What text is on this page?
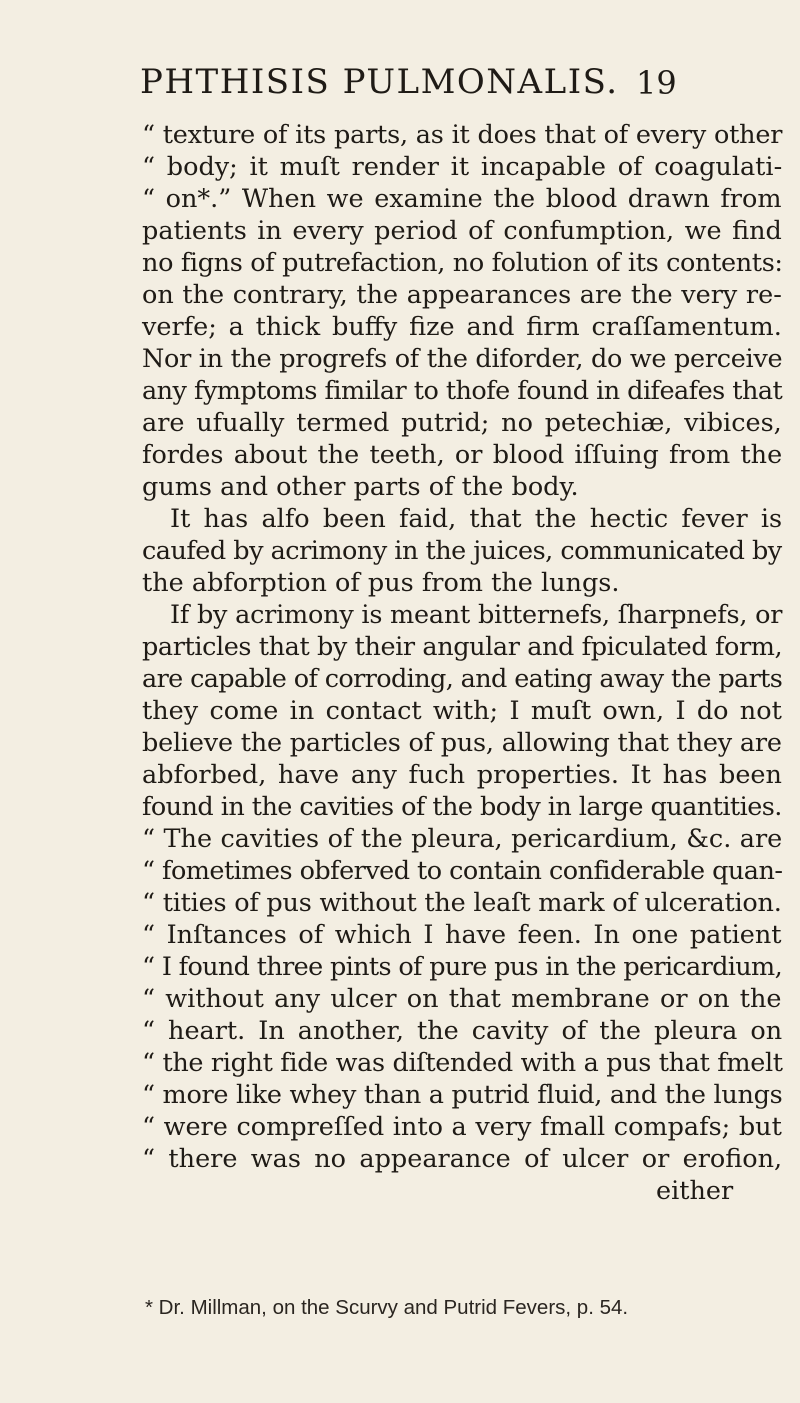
PHTHISIS PULMONALIS. 19
“ texture of its parts, as it does that of every other
“ body; it muſt render it incapable of coagulati-
“ on*.” When we examine the blood drawn from
patients in every period of confumption, we find
no figns of putrefaction, no folution of its contents:
on the contrary, the appearances are the very re-
verfe; a thick buffy fize and firm craſſamentum.
Nor in the progrefs of the diforder, do we perceive
any fymptoms fimilar to thofe found in difeafes that
are ufually termed putrid; no petechiæ, vibices,
fordes about the teeth, or blood iſſuing from the
gums and other parts of the body.
It has alfo been faid, that the hectic fever is
caufed by acrimony in the juices, communicated by
the abforption of pus from the lungs.
If by acrimony is meant bitternefs, ſharpnefs, or
particles that by their angular and fpiculated form,
are capable of corroding, and eating away the parts
they come in contact with; I muſt own, I do not
believe the particles of pus, allowing that they are
abforbed, have any fuch properties. It has been
found in the cavities of the body in large quantities.
“ The cavities of the pleura, pericardium, &c. are
“ fometimes obferved to contain confiderable quan-
“ tities of pus without the leaſt mark of ulceration.
“ Inſtances of which I have feen. In one patient
“ I found three pints of pure pus in the pericardium,
“ without any ulcer on that membrane or on the
“ heart. In another, the cavity of the pleura on
“ the right fide was diſtended with a pus that fmelt
“ more like whey than a putrid fluid, and the lungs
“ were compreſſed into a very fmall compafs; but
“ there was no appearance of ulcer or erofion,
either
* Dr. Millman, on the Scurvy and Putrid Fevers, p. 54.
